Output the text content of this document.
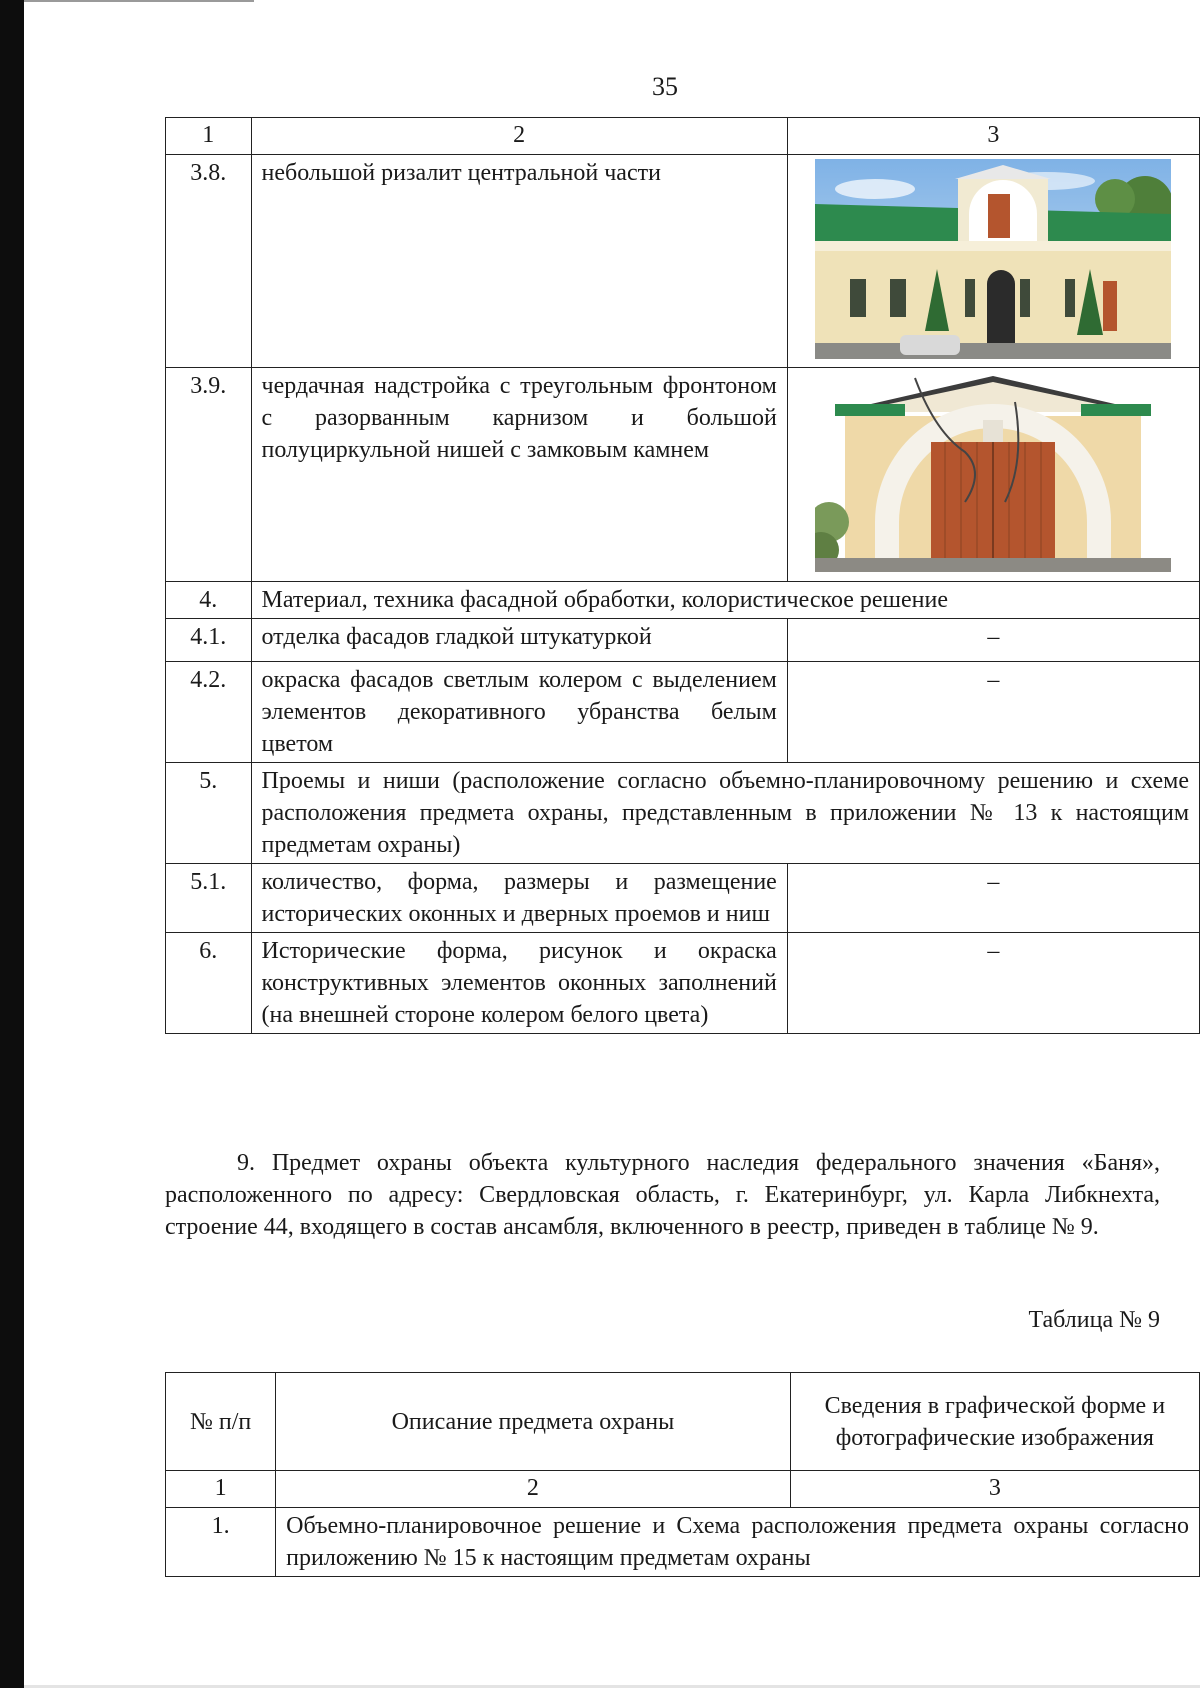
35
1	2	3
3.8.	небольшой ризалит центральной части	

3.9.	чердачная надстройка с треугольным фронтоном с разорванным карнизом и большой полуциркульной нишей с замковым камнем	

4.	Материал, техника фасадной обработки, колористическое решение	
4.1.	отделка фасадов гладкой штукатуркой	–
4.2.	окраска фасадов светлым колером с выделением элементов декоративного убранства белым цветом	–
5.	Проемы и ниши (расположение согласно объемно-планировочному решению и схеме расположения предмета охраны, представленным в приложении № 13 к настоящим предметам охраны)	
5.1.	количество, форма, размеры и размещение исторических оконных и дверных проемов и ниш	–
6.	Исторические форма, рисунок и окраска конструктивных элементов оконных заполнений (на внешней стороне колером белого цвета)	–

9. Предмет охраны объекта культурного наследия федерального значения «Баня», расположенного по адресу: Свердловская область, г. Екатеринбург, ул. Карла Либкнехта, строение 44, входящего в состав ансамбля, включенного в реестр, приведен в таблице № 9.

Таблица № 9
№ п/п	Описание предмета охраны	Сведения в графической форме и фотографические изображения
1	2	3
1.	Объемно-планировочное решение и Схема расположения предмета охраны согласно приложению № 15 к настоящим предметам охраны	
